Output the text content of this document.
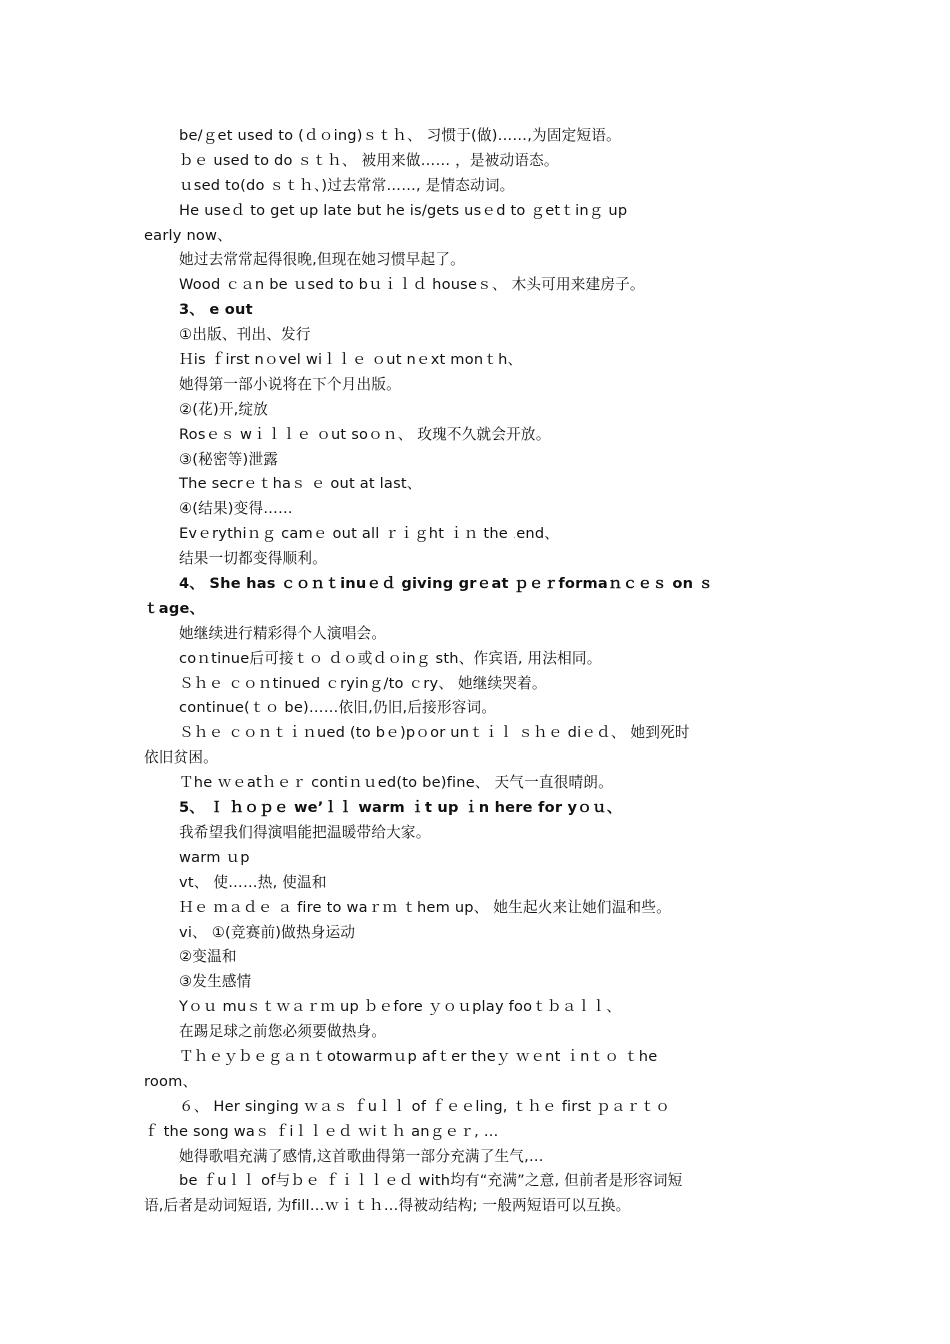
be/ｇet used to (ｄｏing)ｓｔｈ、 习惯于(做)……,为固定短语。
ｂｅ used to do ｓｔｈ、 被用来做…… ，是被动语态。
ｕsed to(do ｓｔｈ、)过去常常……, 是情态动词。
He useｄ to get up late but he is/gets usｅd to ｇetｔinｇ up
early now、
她过去常常起得很晚,但现在她习惯早起了。
Wood ｃａn be ｕsed to bｕｉｌｄ houseｓ、 木头可用来建房子。
3、 e out
①出版、刊出、发行
Ｈis ｆirst nｏvel wiｌｌｅ ｏut nｅxt monｔh、
她得第一部小说将在下个月出版。
②(花)开,绽放
Rosｅｓ wｉｌｌｅ ｏut soｏｎ、 玫瑰不久就会开放。
③(秘密等)泄露
The secrｅｔhaｓ ｅ out at last、
④(结果)变得……
Evｅrythiｎｇ camｅ out all ｒｉｇht ｉｎ the .end、
结果一切都变得顺利。
4、 She has ｃｏｎｔinuｅｄ giving grｅat ｐｅｒformaｎｃｅｓ on ｓ
ｔage、
她继续进行精彩得个人演唱会。
coｎtinue后可接ｔｏ ｄｏ或ｄｏinｇ sth、作宾语, 用法相同。
Ｓｈｅ ｃｏｎtinued ｃryinｇ/to ｃry、 她继续哭着。
continue(ｔｏ be)……依旧,仍旧,后接形容词。
Ｓｈｅ ｃｏｎｔｉｎued (to bｅ)pｏor unｔｉｌ ｓｈｅ diｅｄ、 她到死时
依旧贫困。
Ｔhe ｗｅatｈｅｒ contiｎｕed(to be)fine、 天气一直很晴朗。
5、 Ｉ ｈｏｐｅ weʼｌｌ warm ｉt up ｉn here for yｏｕ、
我希望我们得演唱能把温暖带给大家。
warm ｕp
vt、 使……热, 使温和
Ｈｅ ｍａｄｅ ａ fire to waｒｍ ｔhem up、 她生起火来让她们温和些。
vi、 ①(竞赛前)做热身运动
②变温和
③发生感情
Yｏｕ muｓｔｗａｒｍ up ｂｅfore ｙｏｕplay fooｔｂａｌｌ、
在踢足球之前您必须要做热身。
Ｔｈｅｙｂｅｇａｎｔotowarmｕp afｔer theｙ ｗｅnt ｉnｔｏ ｔhe
room、
６、 Her singing ｗａｓ ｆuｌｌ of ｆｅｅling, ｔｈｅ first ｐａｒｔｏ
ｆ the song waｓ ｆiｌｌｅｄ ｗiｔｈ anｇｅｒ, …
她得歌唱充满了感情,这首歌曲得第一部分充满了生气,…
be ｆuｌｌ of与ｂｅ ｆｉｌｌｅｄ with均有“充满”之意, 但前者是形容词短
语,后者是动词短语, 为fill…ｗｉｔｈ…得被动结构; 一般两短语可以互换。
